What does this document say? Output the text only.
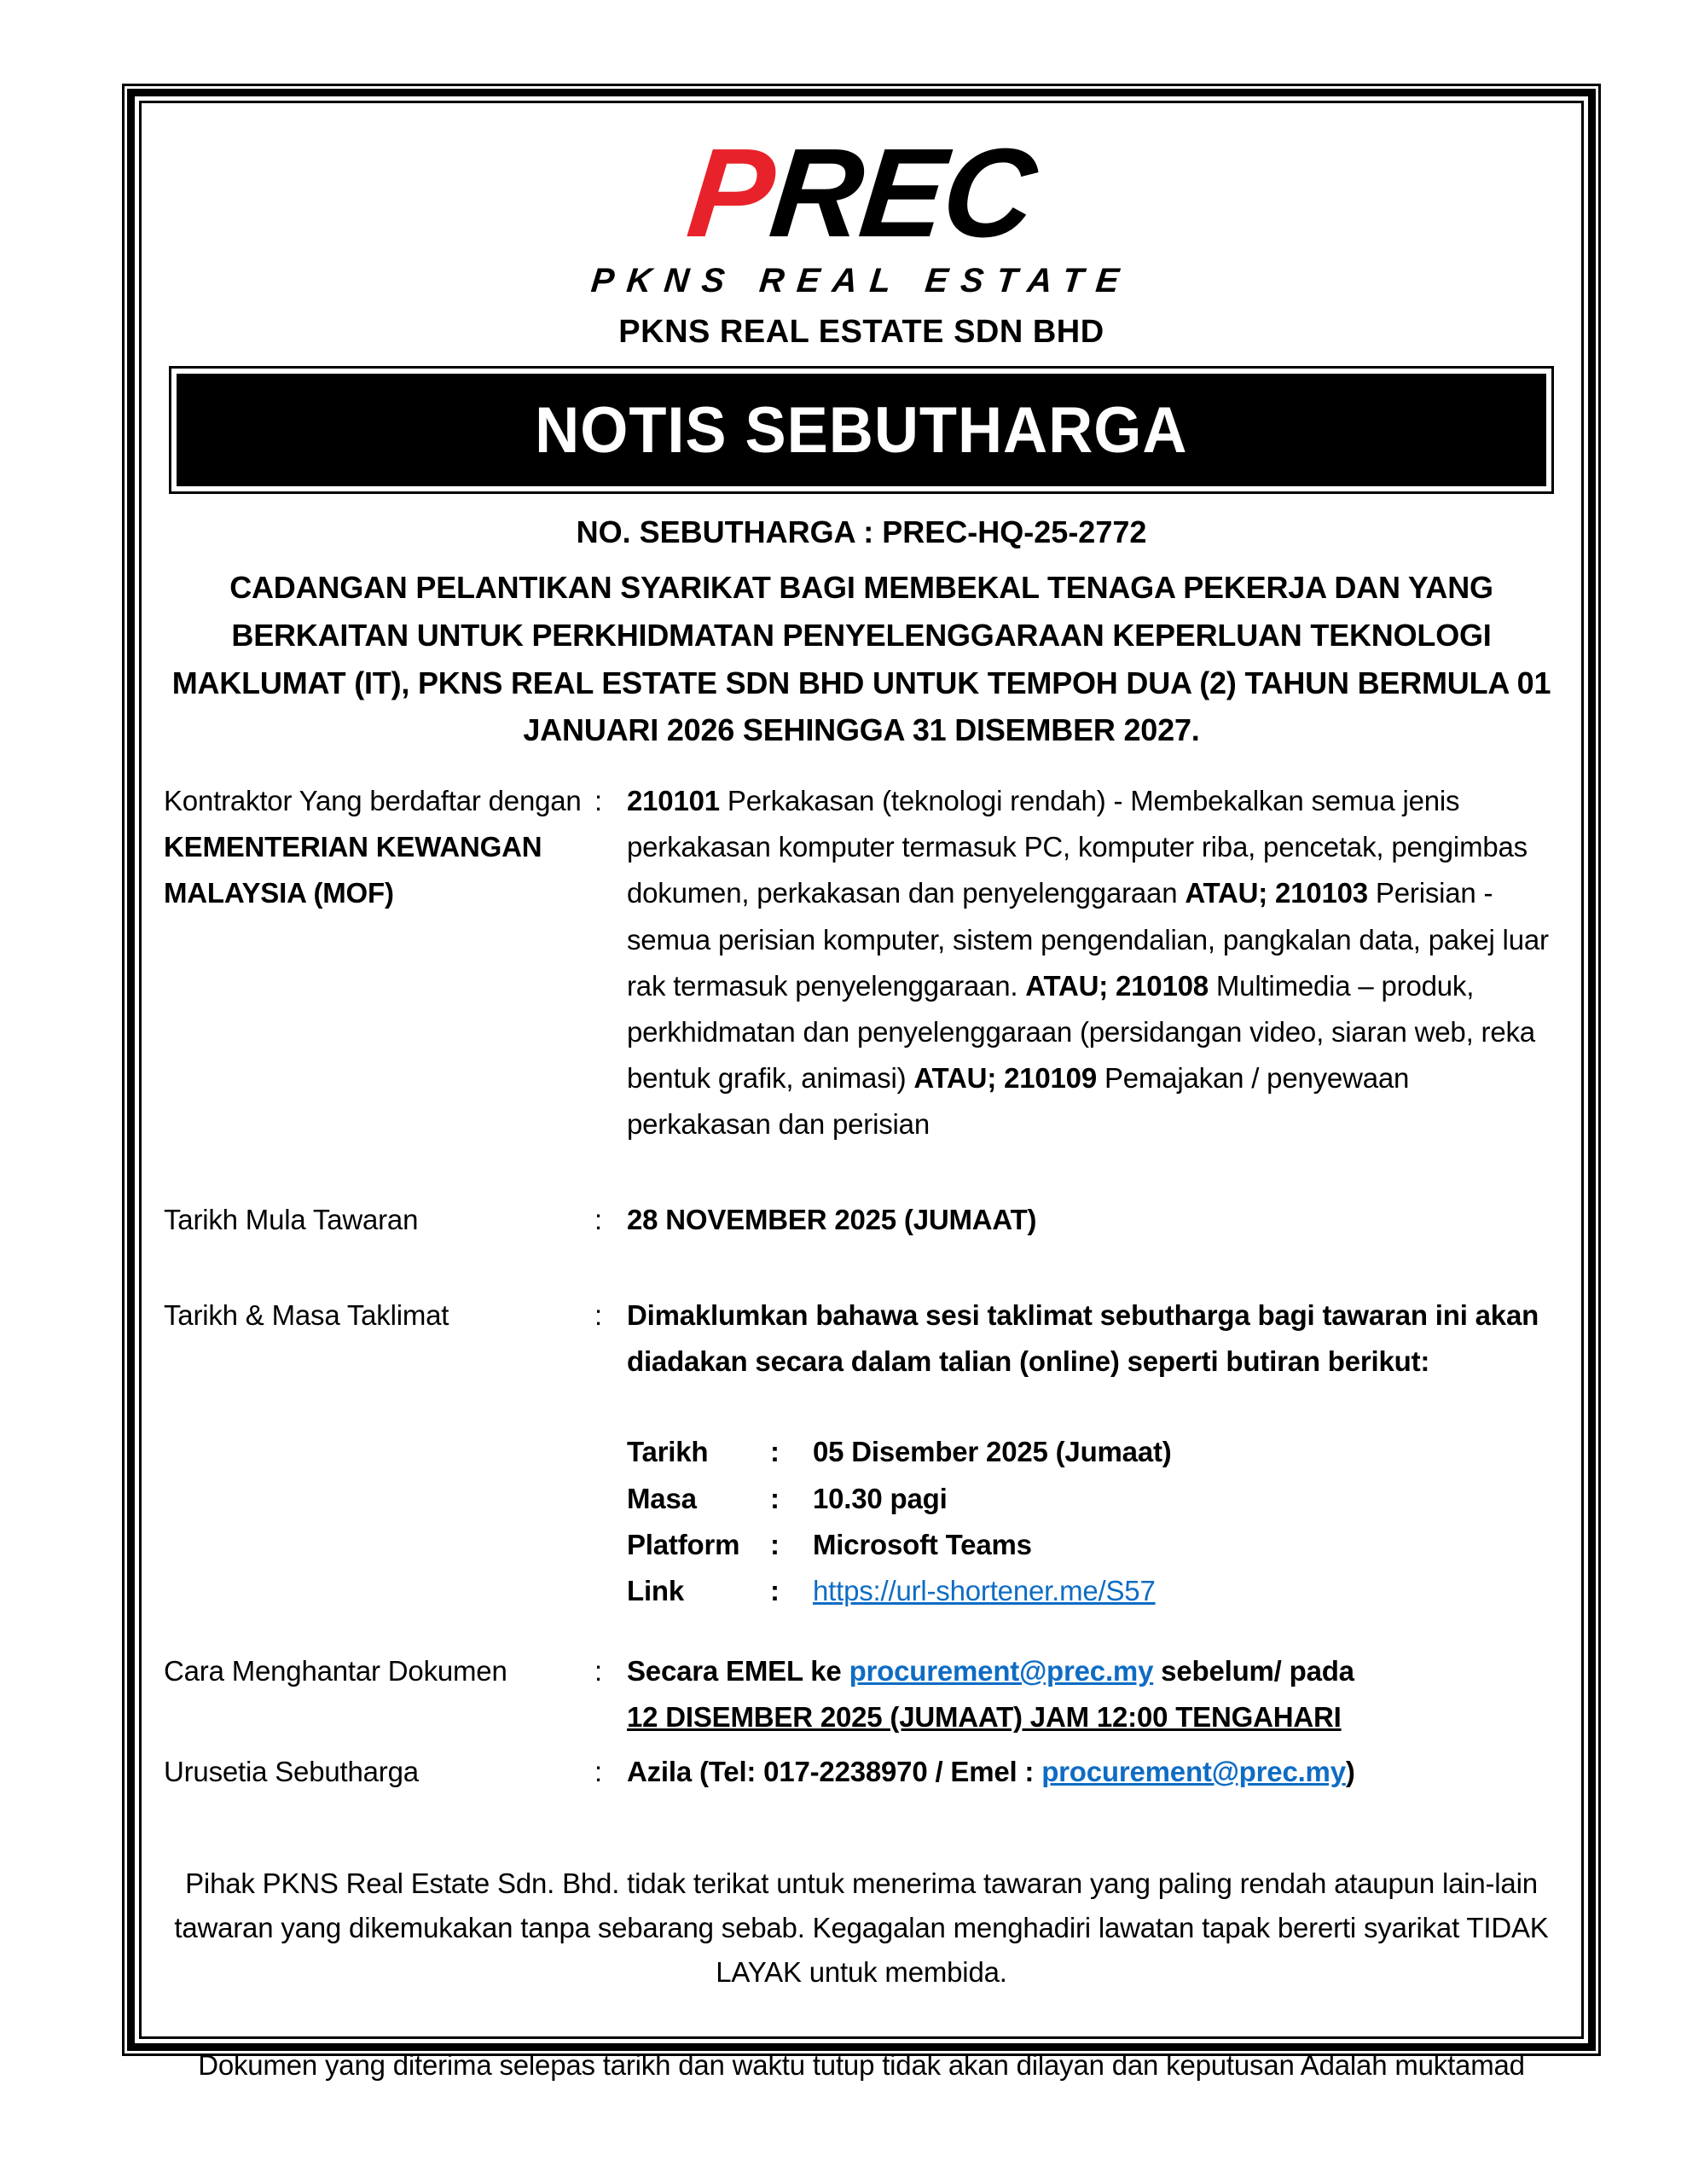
PREC
PKNS REAL ESTATE
PKNS REAL ESTATE SDN BHD
NOTIS SEBUTHARGA
NO. SEBUTHARGA : PREC-HQ-25-2772
CADANGAN PELANTIKAN SYARIKAT BAGI MEMBEKAL TENAGA PEKERJA DAN YANG BERKAITAN UNTUK PERKHIDMATAN PENYELENGGARAAN KEPERLUAN TEKNOLOGI MAKLUMAT (IT), PKNS REAL ESTATE SDN BHD UNTUK TEMPOH DUA (2) TAHUN BERMULA 01 JANUARI 2026 SEHINGGA 31 DISEMBER 2027.
Kontraktor Yang berdaftar dengan KEMENTERIAN KEWANGAN MALAYSIA (MOF)
: 210101 Perkakasan (teknologi rendah) - Membekalkan semua jenis perkakasan komputer termasuk PC, komputer riba, pencetak, pengimbas dokumen, perkakasan dan penyelenggaraan ATAU; 210103 Perisian - semua perisian komputer, sistem pengendalian, pangkalan data, pakej luar rak termasuk penyelenggaraan. ATAU; 210108 Multimedia – produk, perkhidmatan dan penyelenggaraan (persidangan video, siaran web, reka bentuk grafik, animasi) ATAU; 210109 Pemajakan / penyewaan perkakasan dan perisian
Tarikh Mula Tawaran	: 28 NOVEMBER 2025 (JUMAAT)
Tarikh & Masa Taklimat	: Dimaklumkan bahawa sesi taklimat sebutharga bagi tawaran ini akan diadakan secara dalam talian (online) seperti butiran berikut:
Tarikh	:	05 Disember 2025 (Jumaat)
Masa	:	10.30 pagi
Platform	:	Microsoft Teams
Link	:	https://url-shortener.me/S57
Cara Menghantar Dokumen	: Secara EMEL ke procurement@prec.my sebelum/ pada
12 DISEMBER 2025 (JUMAAT) JAM 12:00 TENGAHARI
Urusetia Sebutharga	: Azila (Tel: 017-2238970 / Emel : procurement@prec.my)
Pihak PKNS Real Estate Sdn. Bhd. tidak terikat untuk menerima tawaran yang paling rendah ataupun lain-lain tawaran yang dikemukakan tanpa sebarang sebab. Kegagalan menghadiri lawatan tapak bererti syarikat TIDAK LAYAK untuk membida.
Dokumen yang diterima selepas tarikh dan waktu tutup tidak akan dilayan dan keputusan Adalah muktamad
